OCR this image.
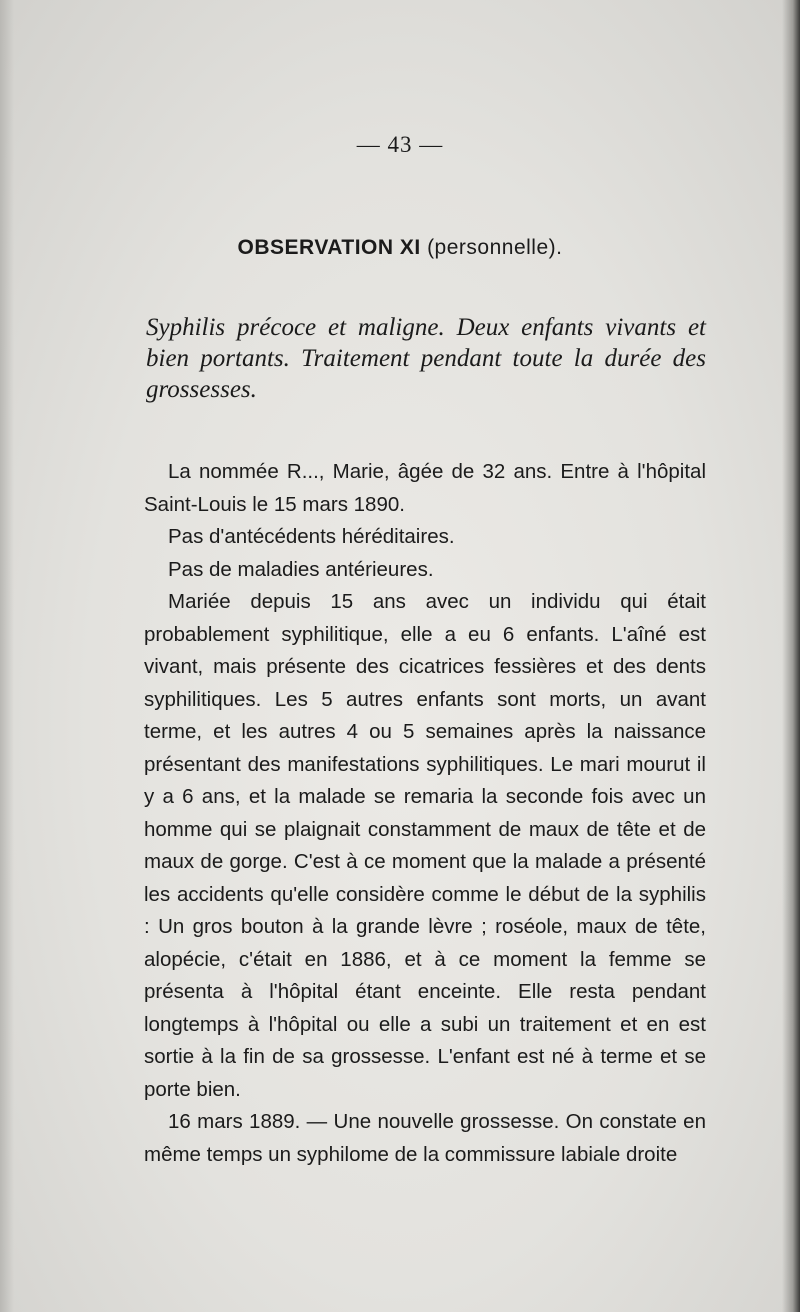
— 43 —
OBSERVATION XI (personnelle).
Syphilis précoce et maligne. Deux enfants vivants et bien portants. Traitement pendant toute la durée des grossesses.

La nommée R..., Marie, âgée de 32 ans. Entre à l'hôpital Saint-Louis le 15 mars 1890.

Pas d'antécédents héréditaires.

Pas de maladies antérieures.

Mariée depuis 15 ans avec un individu qui était probablement syphilitique, elle a eu 6 enfants. L'aîné est vivant, mais présente des cicatrices fessières et des dents syphilitiques. Les 5 autres enfants sont morts, un avant terme, et les autres 4 ou 5 semaines après la naissance présentant des manifestations syphilitiques. Le mari mourut il y a 6 ans, et la malade se remaria la seconde fois avec un homme qui se plaignait constamment de maux de tête et de maux de gorge. C'est à ce moment que la malade a présenté les accidents qu'elle considère comme le début de la syphilis : Un gros bouton à la grande lèvre ; roséole, maux de tête, alopécie, c'était en 1886, et à ce moment la femme se présenta à l'hôpital étant enceinte. Elle resta pendant longtemps à l'hôpital ou elle a subi un traitement et en est sortie à la fin de sa grossesse. L'enfant est né à terme et se porte bien.

16 mars 1889. — Une nouvelle grossesse. On constate en même temps un syphilome de la commissure labiale droite
